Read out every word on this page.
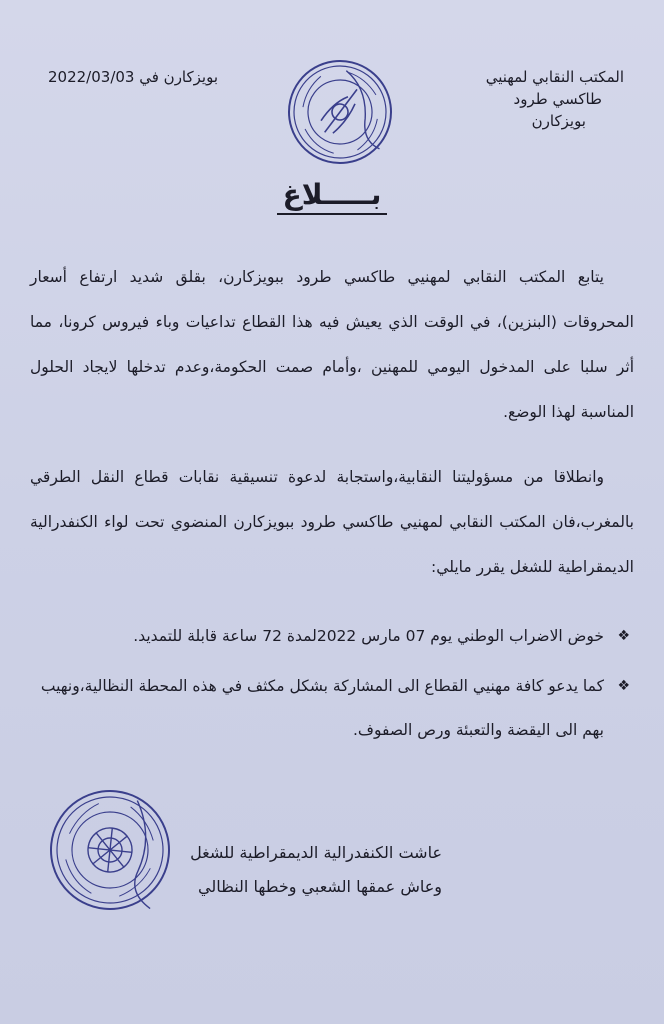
المكتب النقابي لمهنيي
طاكسي طرود
بويزكارن
بويزكارن في 2022/03/03
بـــــلاغ
يتابع المكتب النقابي لمهنيي طاكسي طرود ببويزكارن، بقلق شديد ارتفاع أسعار المحروقات (البنزين)، في الوقت الذي يعيش فيه هذا القطاع تداعيات وباء فيروس كرونا، مما أثر سلبا على المدخول اليومي للمهنين ،وأمام صمت الحكومة،وعدم تدخلها لايجاد الحلول المناسبة لهذا الوضع.
وانطلاقا من مسؤوليتنا النقابية،واستجابة لدعوة تنسيقية نقابات قطاع النقل الطرقي بالمغرب،فان المكتب النقابي لمهنيي طاكسي طرود ببويزكارن المنضوي تحت لواء الكنفدرالية الديمقراطية للشغل يقرر مايلي:
❖
خوض الاضراب الوطني يوم 07 مارس 2022لمدة 72 ساعة قابلة للتمديد.
❖
كما يدعو كافة مهنيي القطاع الى المشاركة بشكل مكثف في هذه المحطة النظالية،ونهيب بهم الى اليقضة والتعبئة ورص الصفوف.
عاشت الكنفدرالية الديمقراطية للشغل
وعاش عمقها الشعبي وخطها النظالي
